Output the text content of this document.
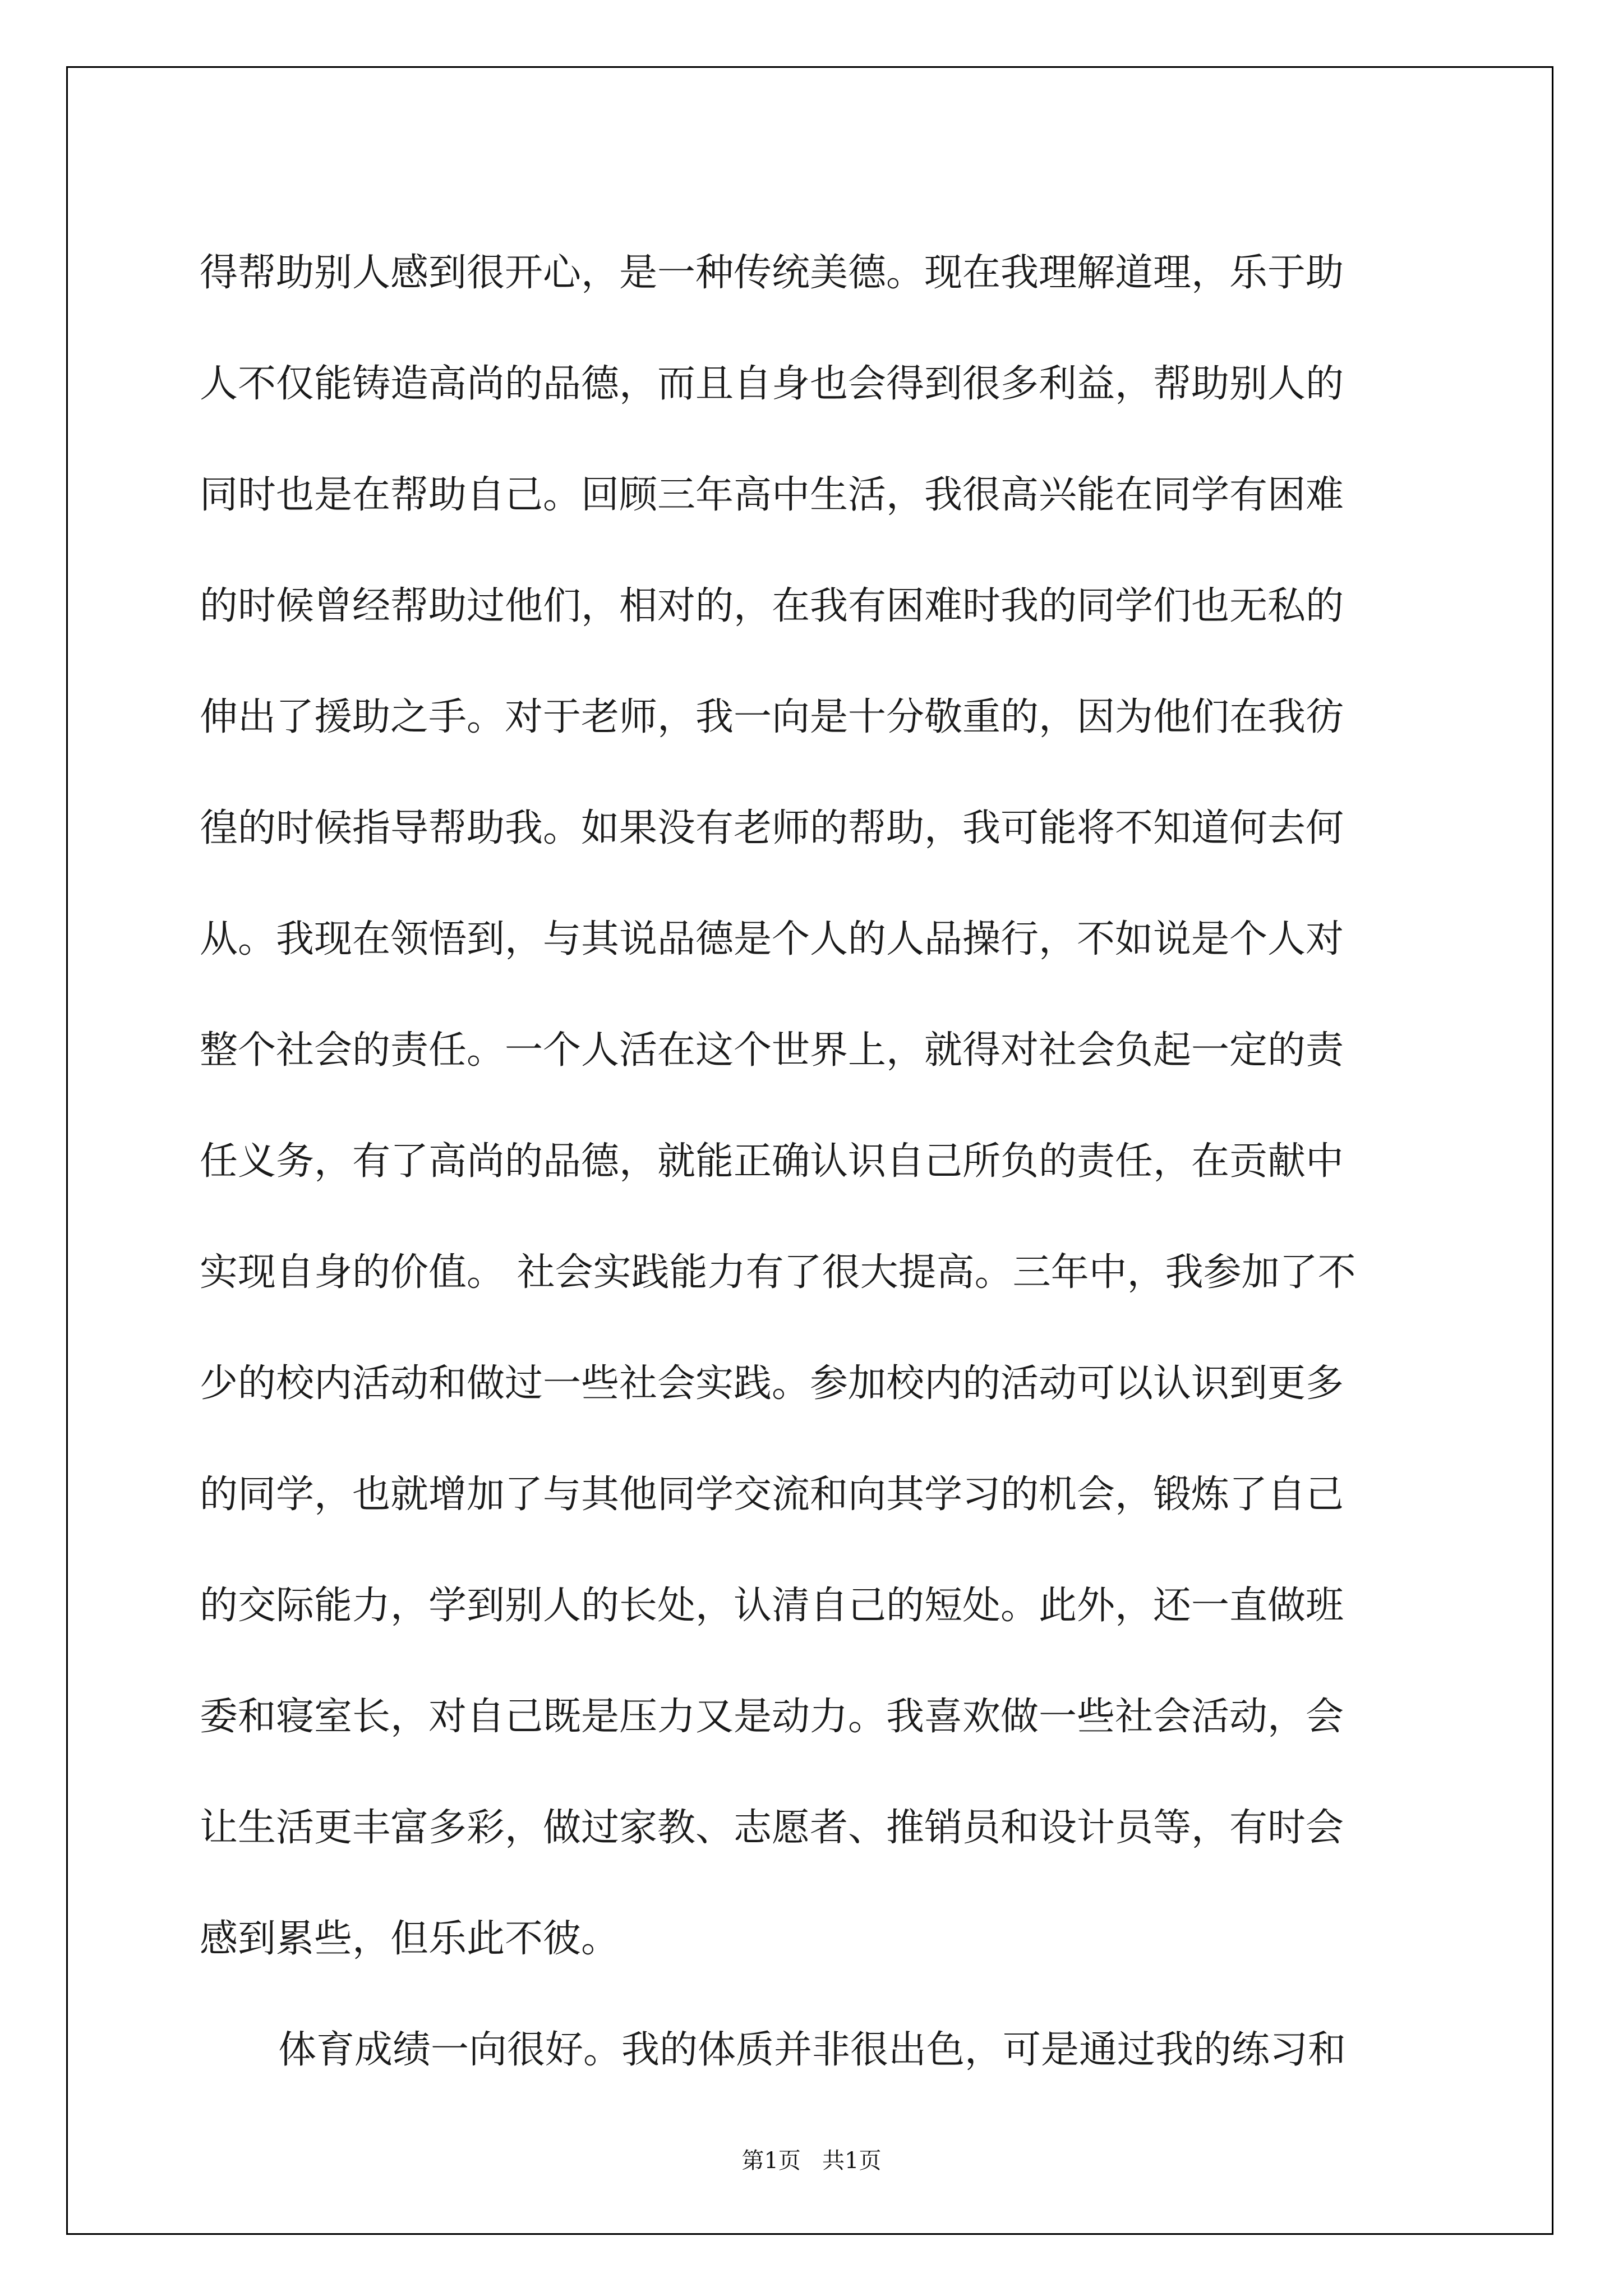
得帮助别人感到很开心，是一种传统美德。现在我理解道理，乐于助
人不仅能铸造高尚的品德，而且自身也会得到很多利益，帮助别人的
同时也是在帮助自己。回顾三年高中生活，我很高兴能在同学有困难
的时候曾经帮助过他们，相对的，在我有困难时我的同学们也无私的
伸出了援助之手。对于老师，我一向是十分敬重的，因为他们在我彷
徨的时候指导帮助我。如果没有老师的帮助，我可能将不知道何去何
从。我现在领悟到，与其说品德是个人的人品操行，不如说是个人对
整个社会的责任。一个人活在这个世界上，就得对社会负起一定的责
任义务，有了高尚的品德，就能正确认识自己所负的责任，在贡献中
实现自身的价值。 社会实践能力有了很大提高。三年中，我参加了不
少的校内活动和做过一些社会实践。参加校内的活动可以认识到更多
的同学，也就增加了与其他同学交流和向其学习的机会，锻炼了自己
的交际能力，学到别人的长处，认清自己的短处。此外，还一直做班
委和寝室长，对自己既是压力又是动力。我喜欢做一些社会活动，会
让生活更丰富多彩，做过家教、志愿者、推销员和设计员等，有时会
感到累些，但乐此不彼。
体育成绩一向很好。我的体质并非很出色，可是通过我的练习和
第1页   共1页
